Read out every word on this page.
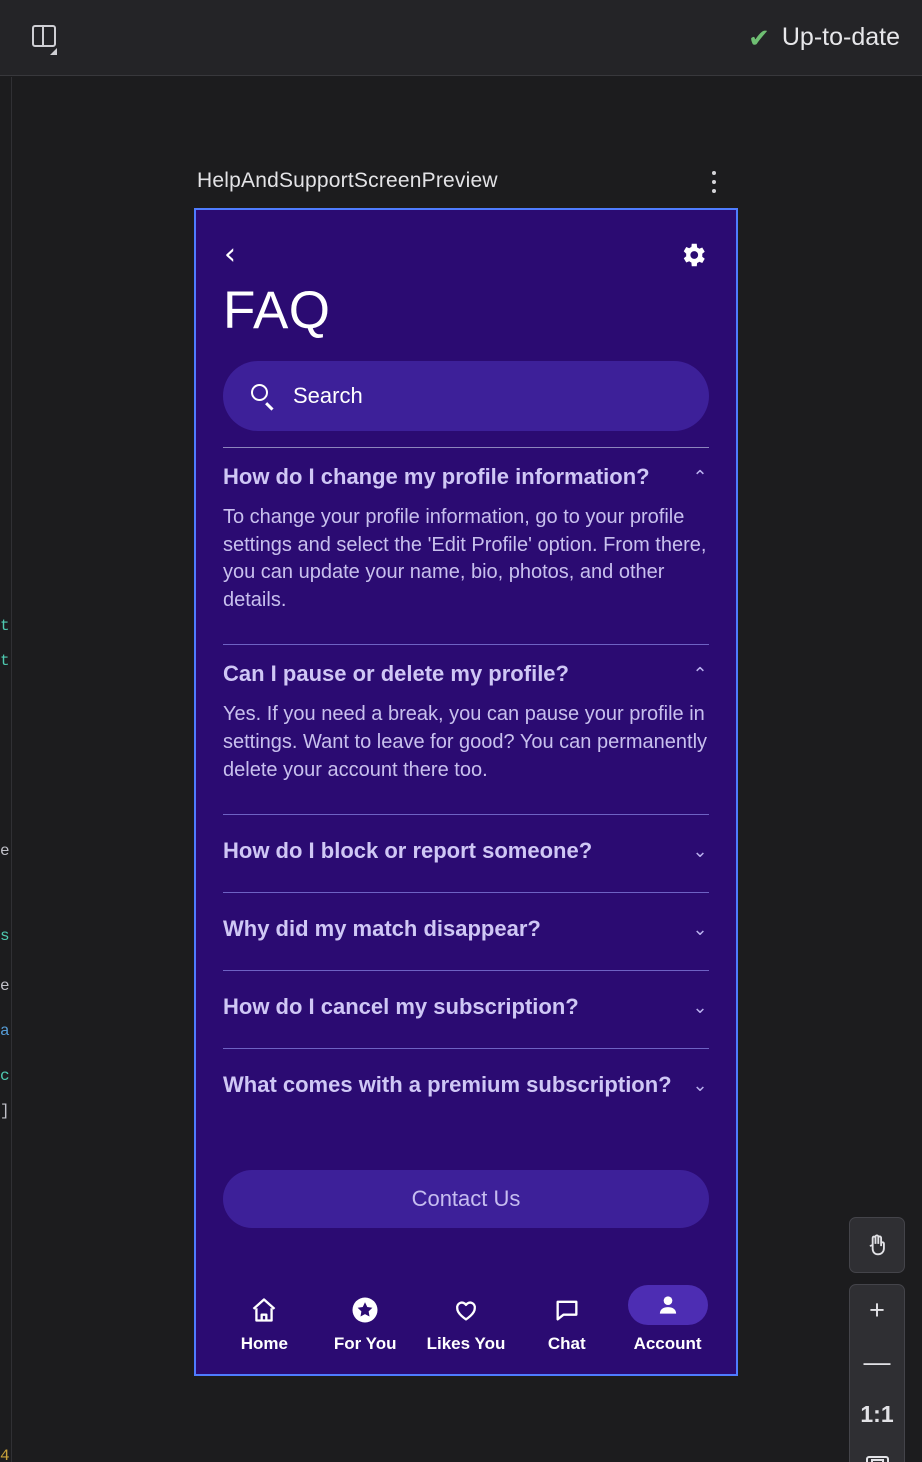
✔ Up-to-date

t
t
e
s
e
a
c
]
4
HelpAndSupportScreenPreview
‹
FAQ
Search
How do I change my profile information? ⌃
To change your profile information, go to your profile settings and select the 'Edit Profile' option. From there, you can update your name, bio, photos, and other details.
Can I pause or delete my profile?	⌃
Yes. If you need a break, you can pause your profile in settings. Want to leave for good? You can permanently delete your account there too.
How do I block or report someone?	⌄
Why did my match disappear?	⌄
How do I cancel my subscription?	⌄
What comes with a premium subscription? ⌄
Contact Us
Home	For You Likes You	Chat	Account
+
—
1:1
